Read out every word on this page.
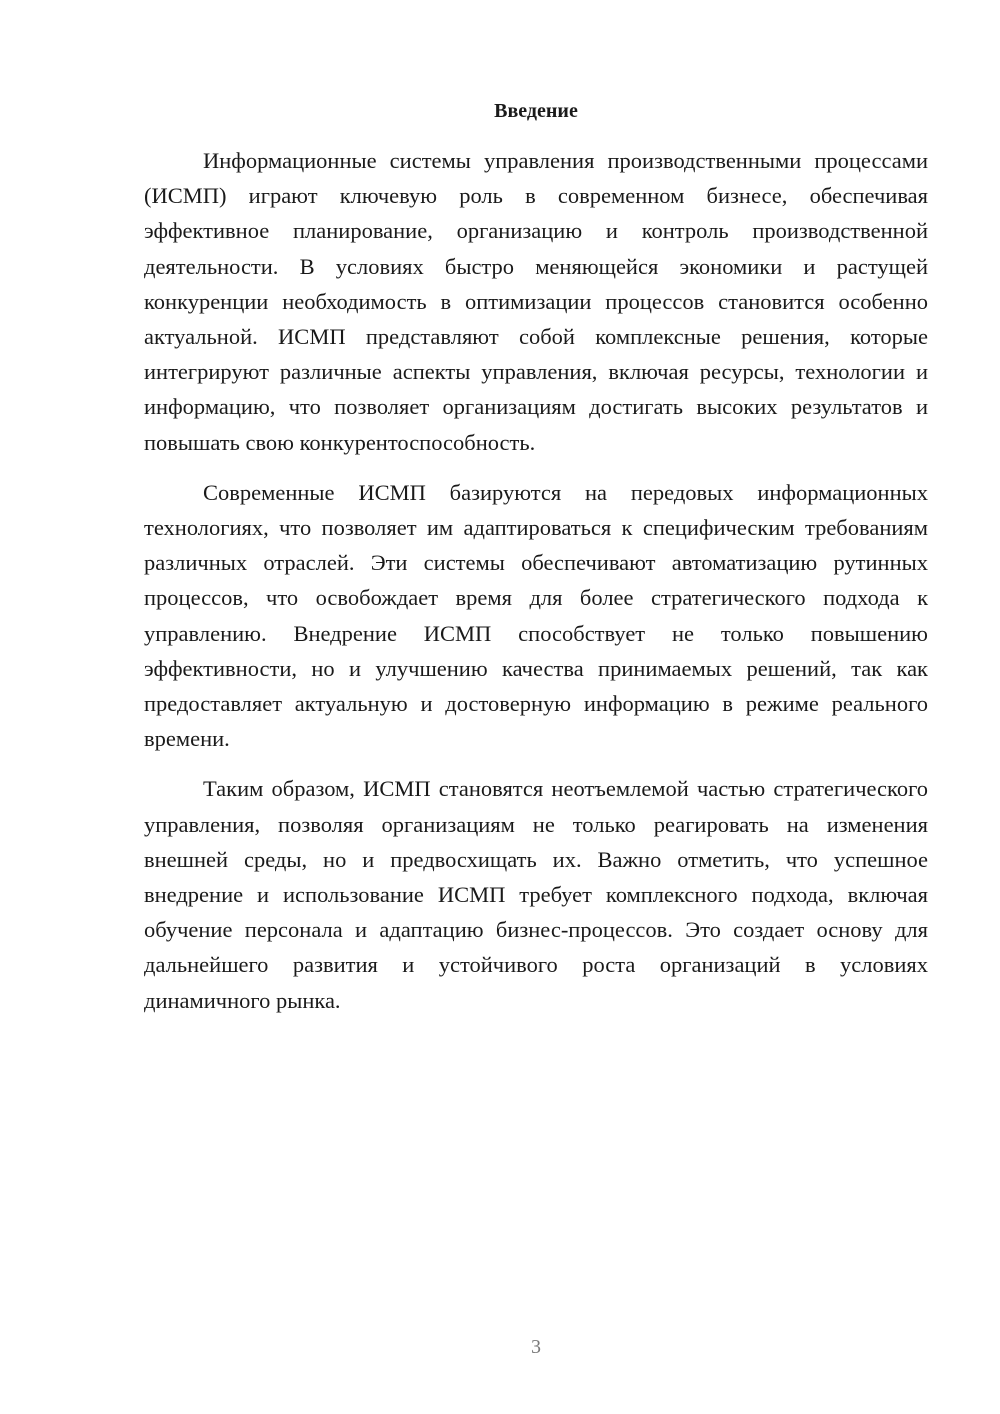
Введение

Информационные системы управления производственными процессами (ИСМП) играют ключевую роль в современном бизнесе, обеспечивая эффективное планирование, организацию и контроль производственной деятельности. В условиях быстро меняющейся экономики и растущей конкуренции необходимость в оптимизации процессов становится особенно актуальной. ИСМП представляют собой комплексные решения, которые интегрируют различные аспекты управления, включая ресурсы, технологии и информацию, что позволяет организациям достигать высоких результатов и повышать свою конкурентоспособность.

Современные ИСМП базируются на передовых информационных технологиях, что позволяет им адаптироваться к специфическим требованиям различных отраслей. Эти системы обеспечивают автоматизацию рутинных процессов, что освобождает время для более стратегического подхода к управлению. Внедрение ИСМП способствует не только повышению эффективности, но и улучшению качества принимаемых решений, так как предоставляет актуальную и достоверную информацию в режиме реального времени.

Таким образом, ИСМП становятся неотъемлемой частью стратегического управления, позволяя организациям не только реагировать на изменения внешней среды, но и предвосхищать их. Важно отметить, что успешное внедрение и использование ИСМП требует комплексного подхода, включая обучение персонала и адаптацию бизнес-процессов. Это создает основу для дальнейшего развития и устойчивого роста организаций в условиях динамичного рынка.

3
